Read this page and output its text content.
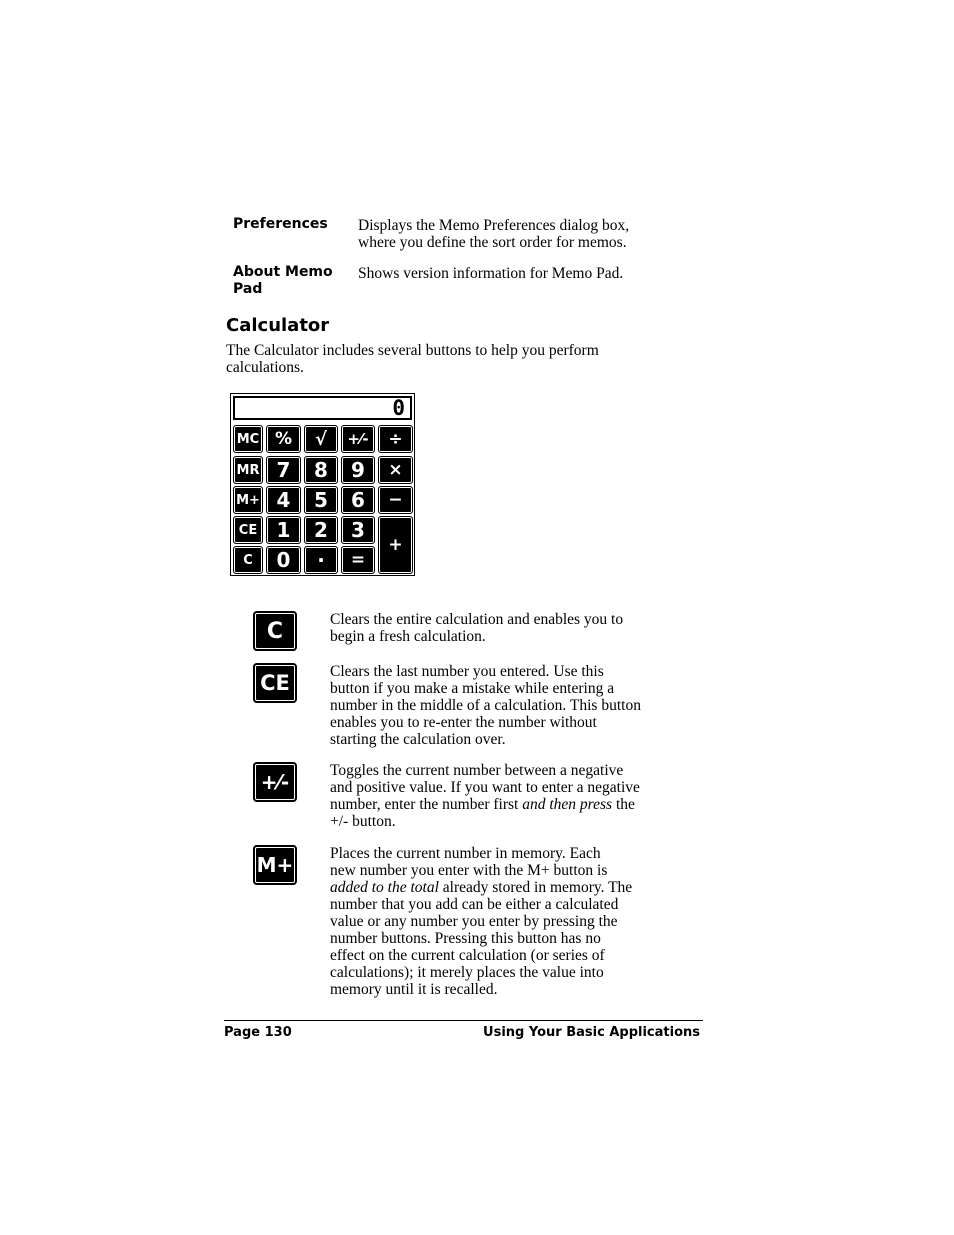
Preferences Displays the Memo Preferences dialog box,
where you define the sort order for memos.
About Memo
Pad
Shows version information for Memo Pad.
Calculator
The Calculator includes several buttons to help you perform
calculations.
0
MC %	√	+⁄-	÷
MR 7	8	9	×
M+ 4	5	6	−
CE 1	2	3
+
C	0	·	=
C	Clears the entire calculation and enables you to
begin a fresh calculation.
CE	Clears the last number you entered. Use this
button if you make a mistake while entering a
number in the middle of a calculation. This button
enables you to re-enter the number without
starting the calculation over.
+⁄-	Toggles the current number between a negative
and positive value. If you want to enter a negative
number, enter the number first and then press the
+/- button.
M+ Places the current number in memory. Each
new number you enter with the M+ button is
added to the total already stored in memory. The
number that you add can be either a calculated
value or any number you enter by pressing the
number buttons. Pressing this button has no
effect on the current calculation (or series of
calculations); it merely places the value into
memory until it is recalled.
Page 130	Using Your Basic Applications
